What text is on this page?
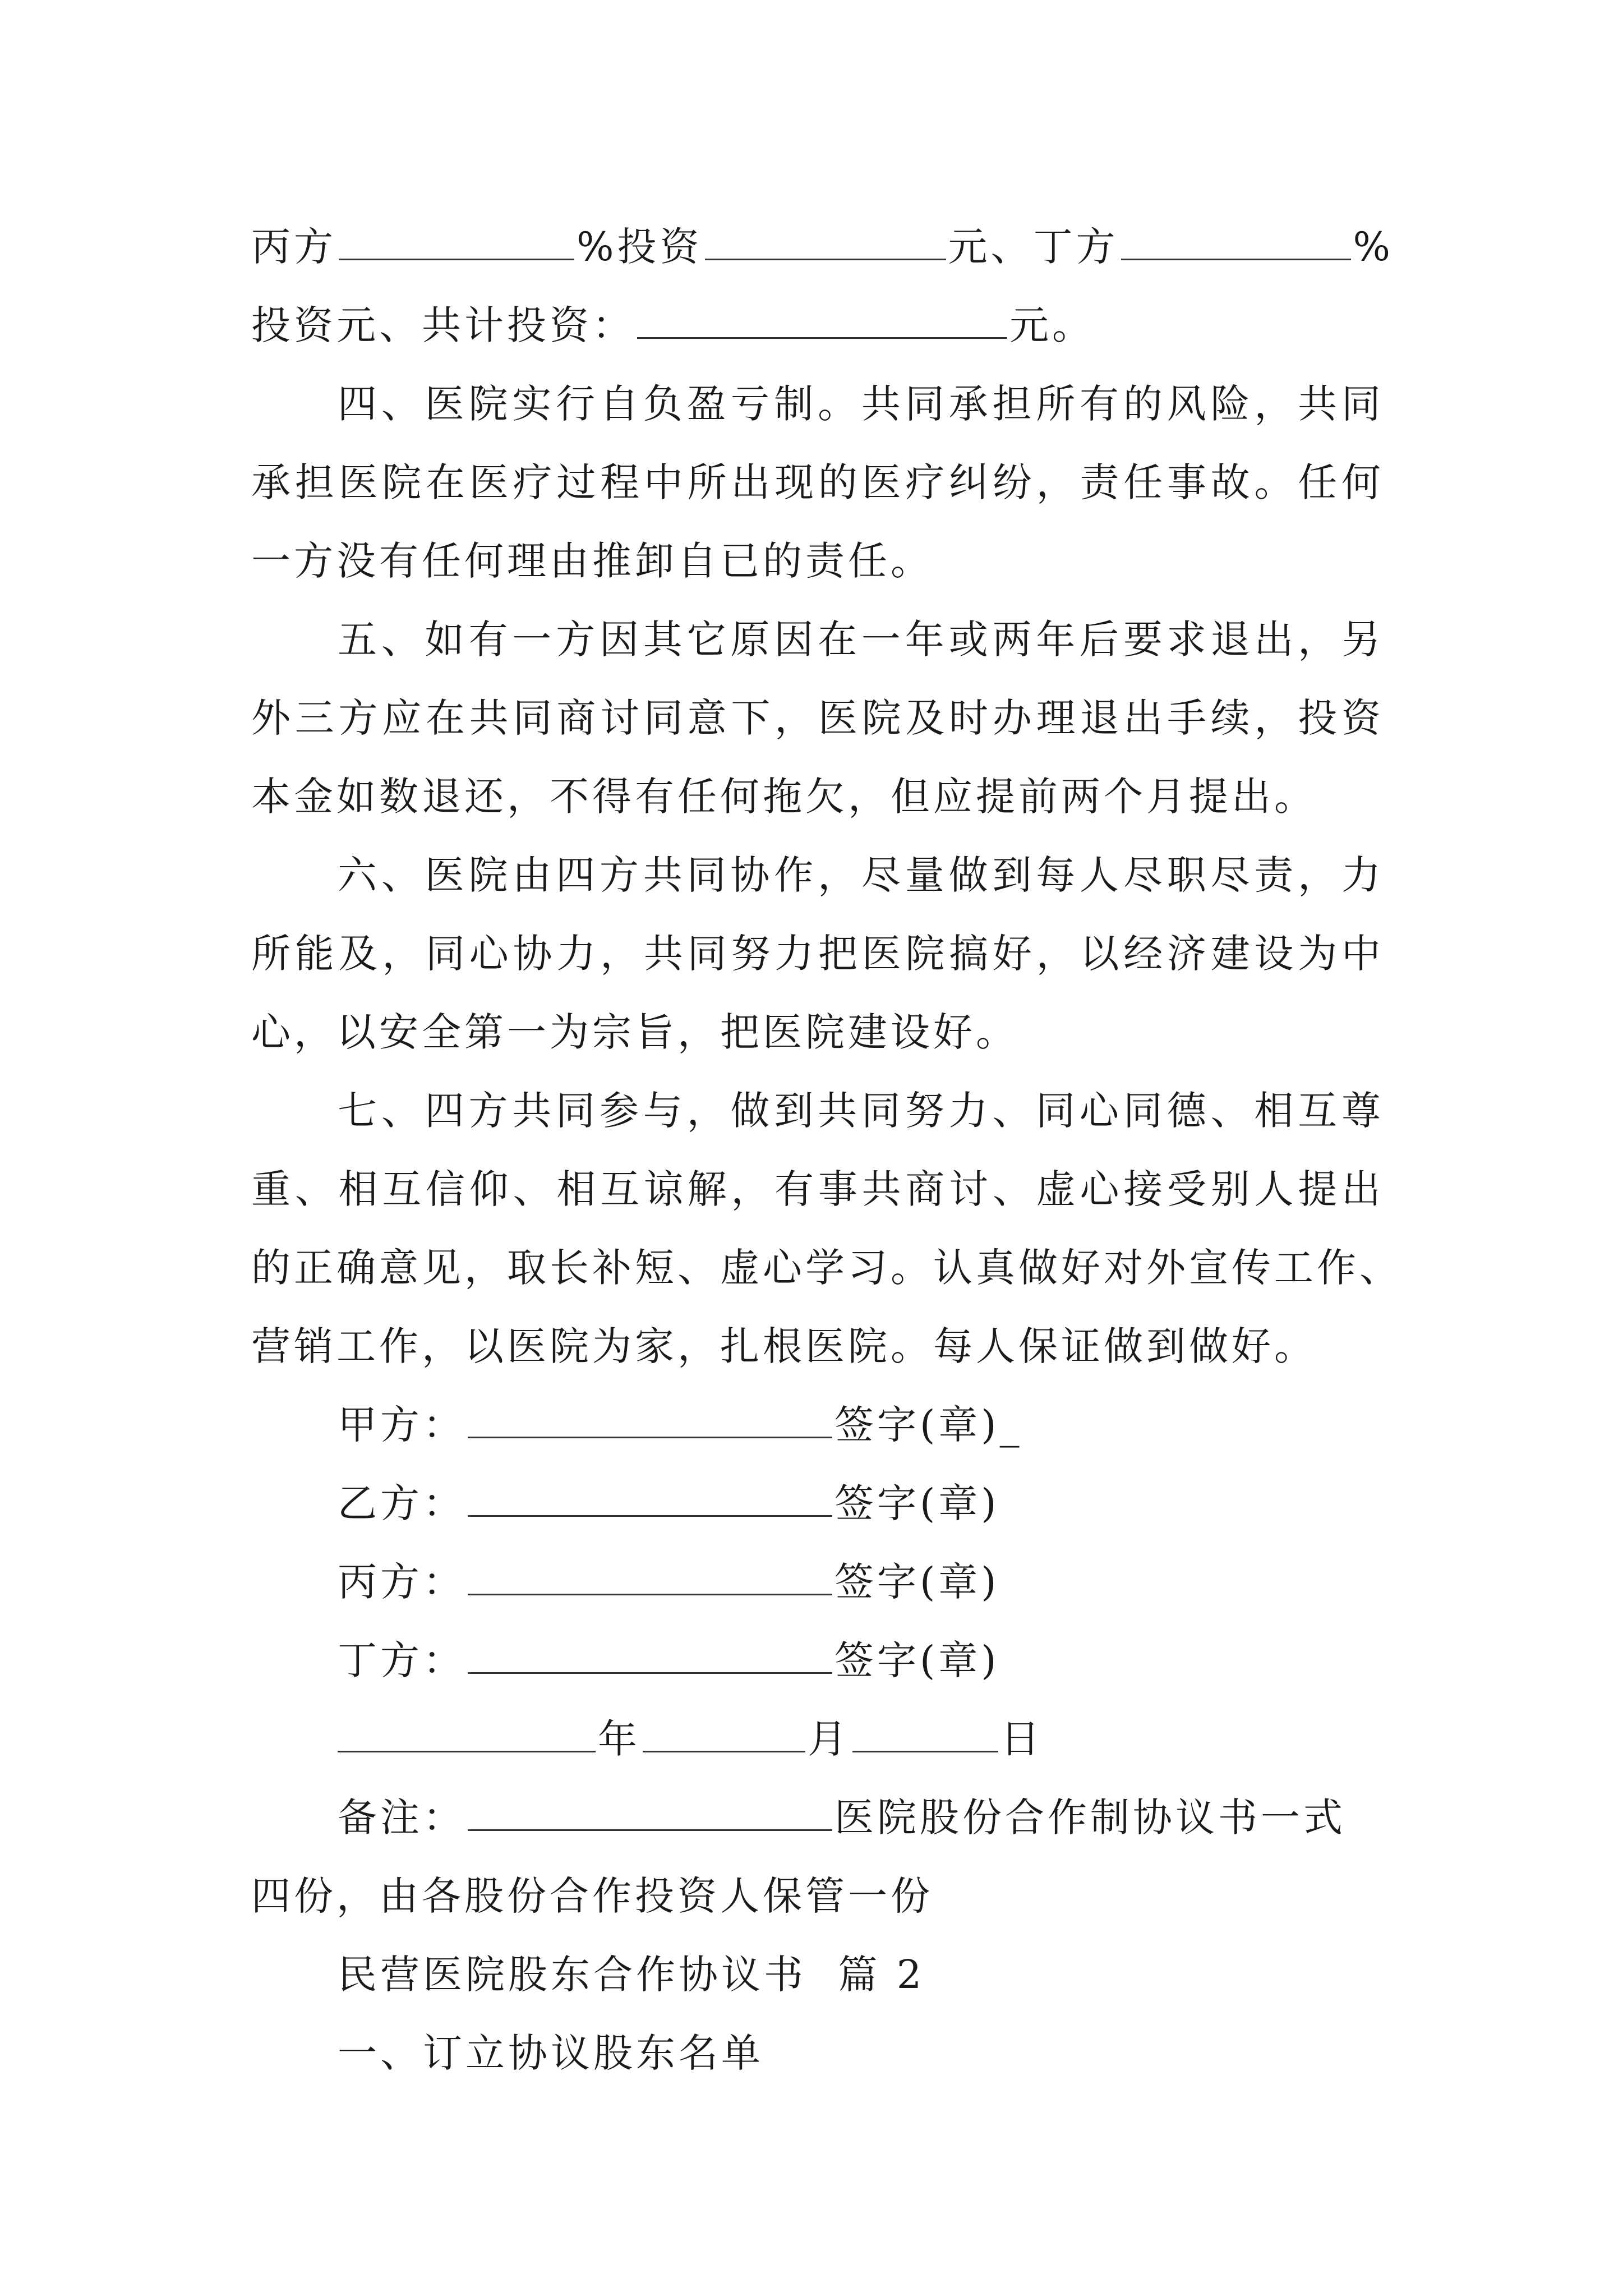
丙方	%投资	元、丁方	%
投资元、共计投资：	元。
四、医院实行自负盈亏制。共同承担所有的风险，共同
承担医院在医疗过程中所出现的医疗纠纷，责任事故。任何
一方没有任何理由推卸自已的责任。
五、如有一方因其它原因在一年或两年后要求退出，另
外三方应在共同商讨同意下，医院及时办理退出手续，投资
本金如数退还，不得有任何拖欠，但应提前两个月提出。
六、医院由四方共同协作，尽量做到每人尽职尽责，力
所能及，同心协力，共同努力把医院搞好，以经济建设为中
心，以安全第一为宗旨，把医院建设好。
七、四方共同参与，做到共同努力、同心同德、相互尊
重、相互信仰、相互谅解，有事共商讨、虚心接受别人提出
的正确意见，取长补短、虚心学习。认真做好对外宣传工作、
营销工作，以医院为家，扎根医院。每人保证做到做好。
甲方：	签字(章)_
乙方：	签字(章)
丙方：	签字(章)
丁方：	签字(章)
年	月	日
备注：	医院股份合作制协议书一式
四份，由各股份合作投资人保管一份
民营医院股东合作协议书  篇 2
一、订立协议股东名单
